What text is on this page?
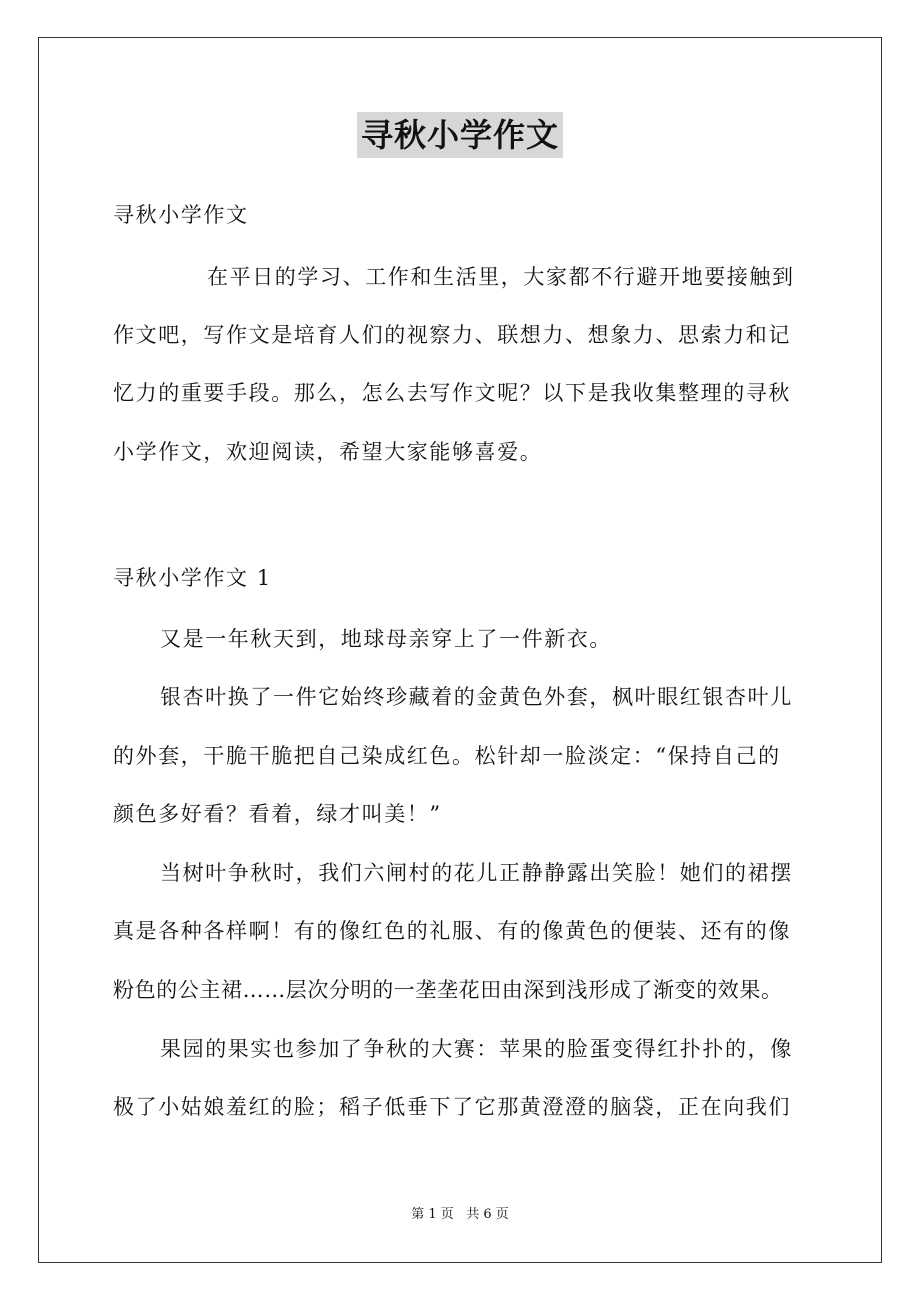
寻秋小学作文
寻秋小学作文
在平日的学习、工作和生活里，大家都不行避开地要接触到
作文吧，写作文是培育人们的视察力、联想力、想象力、思索力和记
忆力的重要手段。那么，怎么去写作文呢？以下是我收集整理的寻秋
小学作文，欢迎阅读，希望大家能够喜爱。
寻秋小学作文 1
又是一年秋天到，地球母亲穿上了一件新衣。
银杏叶换了一件它始终珍藏着的金黄色外套，枫叶眼红银杏叶儿
的外套，干脆干脆把自己染成红色。松针却一脸淡定：“保持自己的
颜色多好看？看着，绿才叫美！”
当树叶争秋时，我们六闸村的花儿正静静露出笑脸！她们的裙摆
真是各种各样啊！有的像红色的礼服、有的像黄色的便装、还有的像
粉色的公主裙……层次分明的一垄垄花田由深到浅形成了渐变的效果。
果园的果实也参加了争秋的大赛：苹果的脸蛋变得红扑扑的，像
极了小姑娘羞红的脸；稻子低垂下了它那黄澄澄的脑袋，正在向我们
第 1 页   共 6 页
